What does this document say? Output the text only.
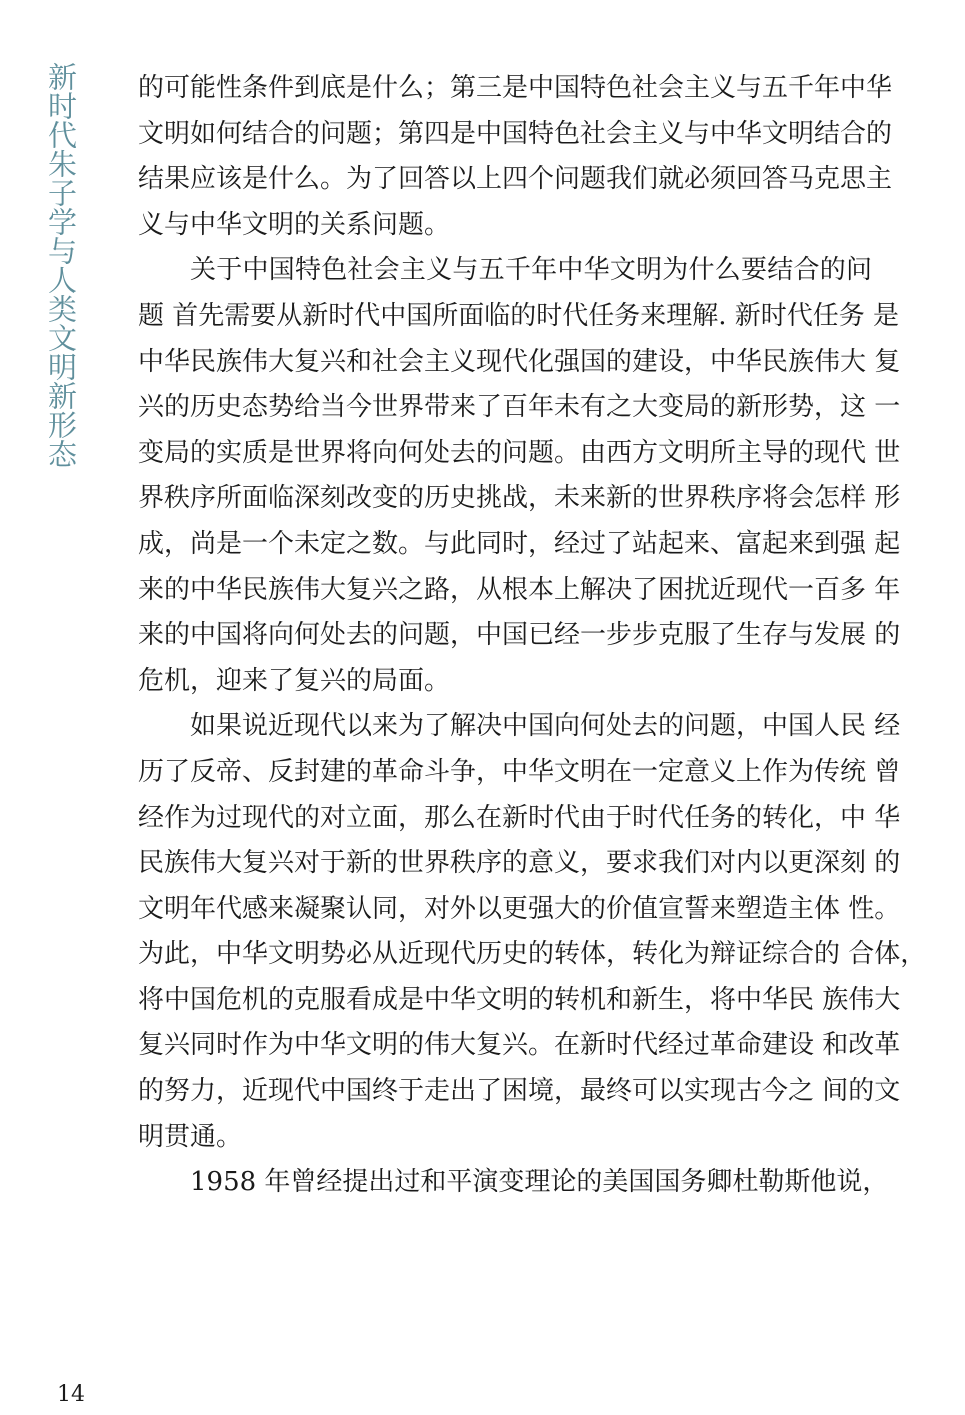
新时代朱子学与人类文明新形态 的可能性条件到底是什么；第三是中国特色社会主义与五千年中华
文明如何结合的问题；第四是中国特色社会主义与中华文明结合的
结果应该是什么。为了回答以上四个问题我们就必须回答马克思主
义与中华文明的关系问题。
关于中国特色社会主义与五千年中华文明为什么要结合的问
题 首先需要从新时代中国所面临的时代任务来理解. 新时代任务 是
中华民族伟大复兴和社会主义现代化强国的建设，中华民族伟大 复
兴的历史态势给当今世界带来了百年未有之大变局的新形势，这 一
变局的实质是世界将向何处去的问题。由西方文明所主导的现代 世
界秩序所面临深刻改变的历史挑战，未来新的世界秩序将会怎样 形
成，尚是一个未定之数。与此同时，经过了站起来、富起来到强 起
来的中华民族伟大复兴之路，从根本上解决了困扰近现代一百多 年
来的中国将向何处去的问题，中国已经一步步克服了生存与发展 的
危机，迎来了复兴的局面。
如果说近现代以来为了解决中国向何处去的问题，中国人民 经
历了反帝、反封建的革命斗争，中华文明在一定意义上作为传统 曾
经作为过现代的对立面，那么在新时代由于时代任务的转化，中 华
民族伟大复兴对于新的世界秩序的意义，要求我们对内以更深刻 的
文明年代感来凝聚认同，对外以更强大的价值宣誓来塑造主体 性。
为此，中华文明势必从近现代历史的转体，转化为辩证综合的 合体，
将中国危机的克服看成是中华文明的转机和新生，将中华民 族伟大
复兴同时作为中华文明的伟大复兴。在新时代经过革命建设 和改革
的努力，近现代中国终于走出了困境，最终可以实现古今之 间的文
明贯通。
1958 年曾经提出过和平演变理论的美国国务卿杜勒斯他说，
14
